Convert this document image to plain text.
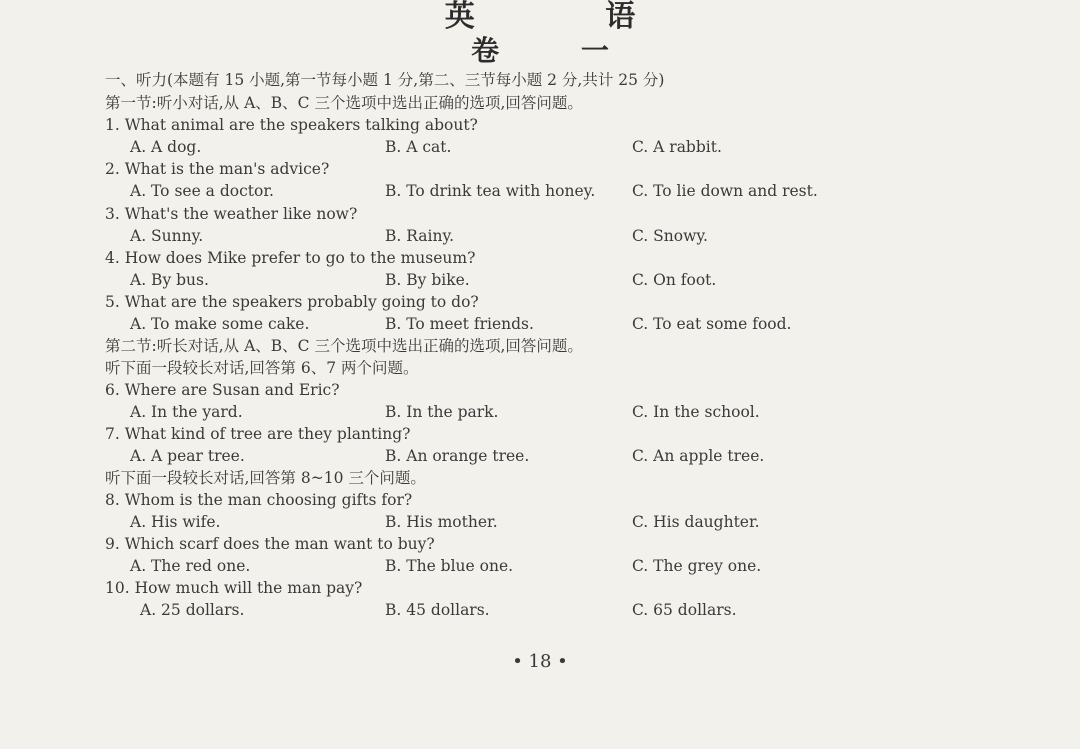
英 语
卷 一
一、听力(本题有 15 小题,第一节每小题 1 分,第二、三节每小题 2 分,共计 25 分)
第一节:听小对话,从 A、B、C 三个选项中选出正确的选项,回答问题。
1. What animal are the speakers talking about?
A. A dog.	B. A cat.	C. A rabbit.
2. What is the man's advice?
A. To see a doctor.	B. To drink tea with honey. C. To lie down and rest.
3. What's the weather like now?
A. Sunny.	B. Rainy.	C. Snowy.
4. How does Mike prefer to go to the museum?
A. By bus.	B. By bike.	C. On foot.
5. What are the speakers probably going to do?
A. To make some cake.	B. To meet friends.	C. To eat some food.
第二节:听长对话,从 A、B、C 三个选项中选出正确的选项,回答问题。
听下面一段较长对话,回答第 6、7 两个问题。
6. Where are Susan and Eric?
A. In the yard.	B. In the park.	C. In the school.
7. What kind of tree are they planting?
A. A pear tree.	B. An orange tree.	C. An apple tree.
听下面一段较长对话,回答第 8~10 三个问题。
8. Whom is the man choosing gifts for?
A. His wife.	B. His mother.	C. His daughter.
9. Which scarf does the man want to buy?
A. The red one.	B. The blue one.	C. The grey one.
10. How much will the man pay?
A. 25 dollars.	B. 45 dollars.	C. 65 dollars.
• 18 •
